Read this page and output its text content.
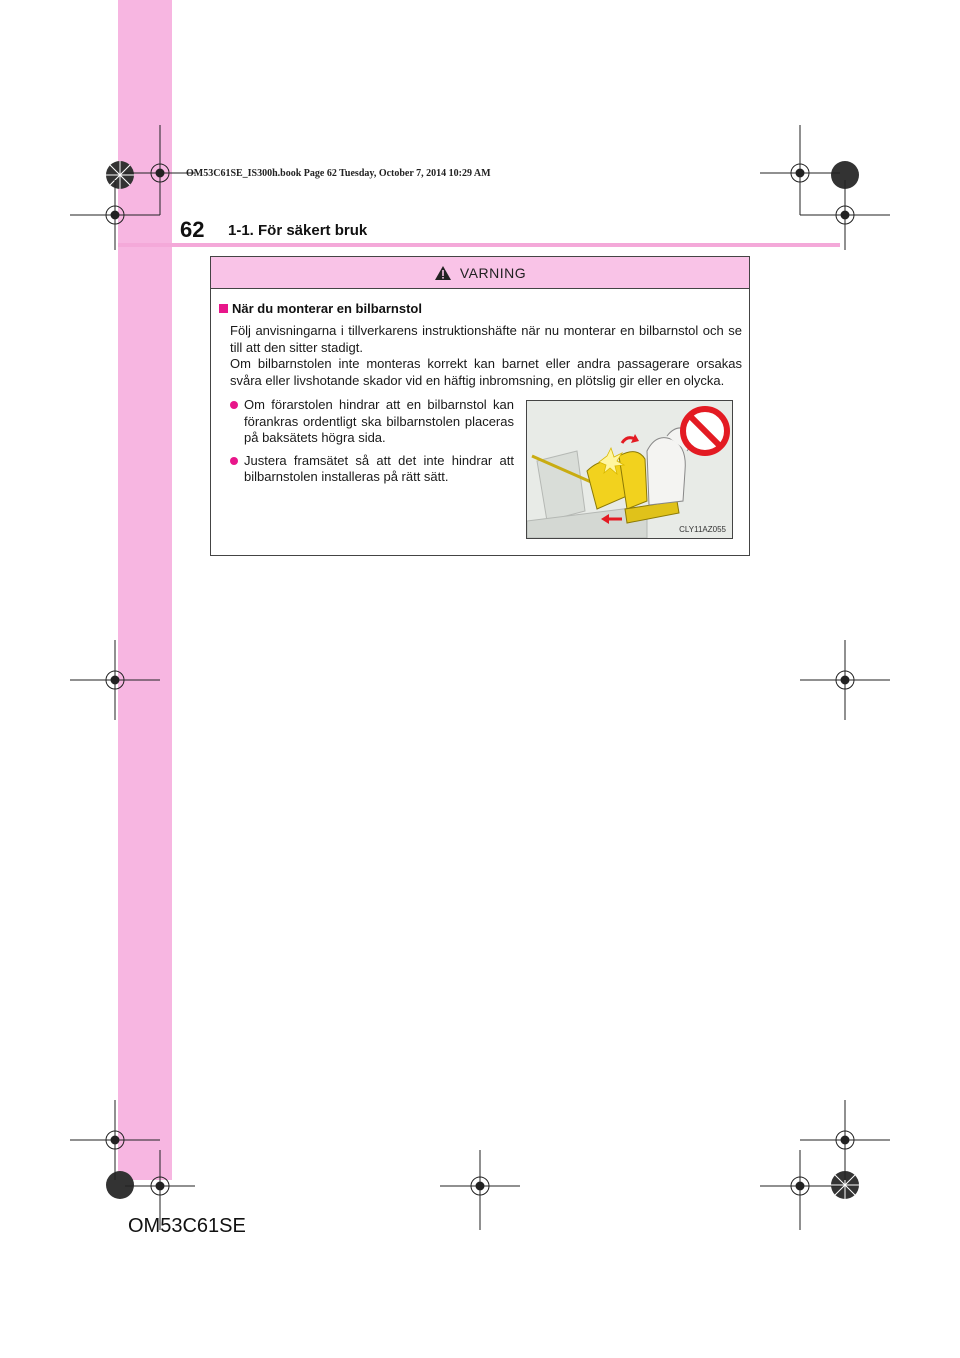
OM53C61SE_IS300h.book Page 62 Tuesday, October 7, 2014 10:29 AM
62 1-1. För säkert bruk
VARNING
När du monterar en bilbarnstol

Följ anvisningarna i tillverkarens instruktionshäfte när nu monterar en bilbarnstol och se till att den sitter stadigt.

Om bilbarnstolen inte monteras korrekt kan barnet eller andra passagerare orsakas svåra eller livshotande skador vid en häftig inbromsning, en plötslig gir eller en olycka.

Om förarstolen hindrar att en bilbarnstol kan förankras ordentligt ska bilbarnstolen placeras på baksätets högra sida.
Justera framsätet så att det inte hindrar att bilbarnstolen installeras på rätt sätt.
CLY11AZ055
OM53C61SE
